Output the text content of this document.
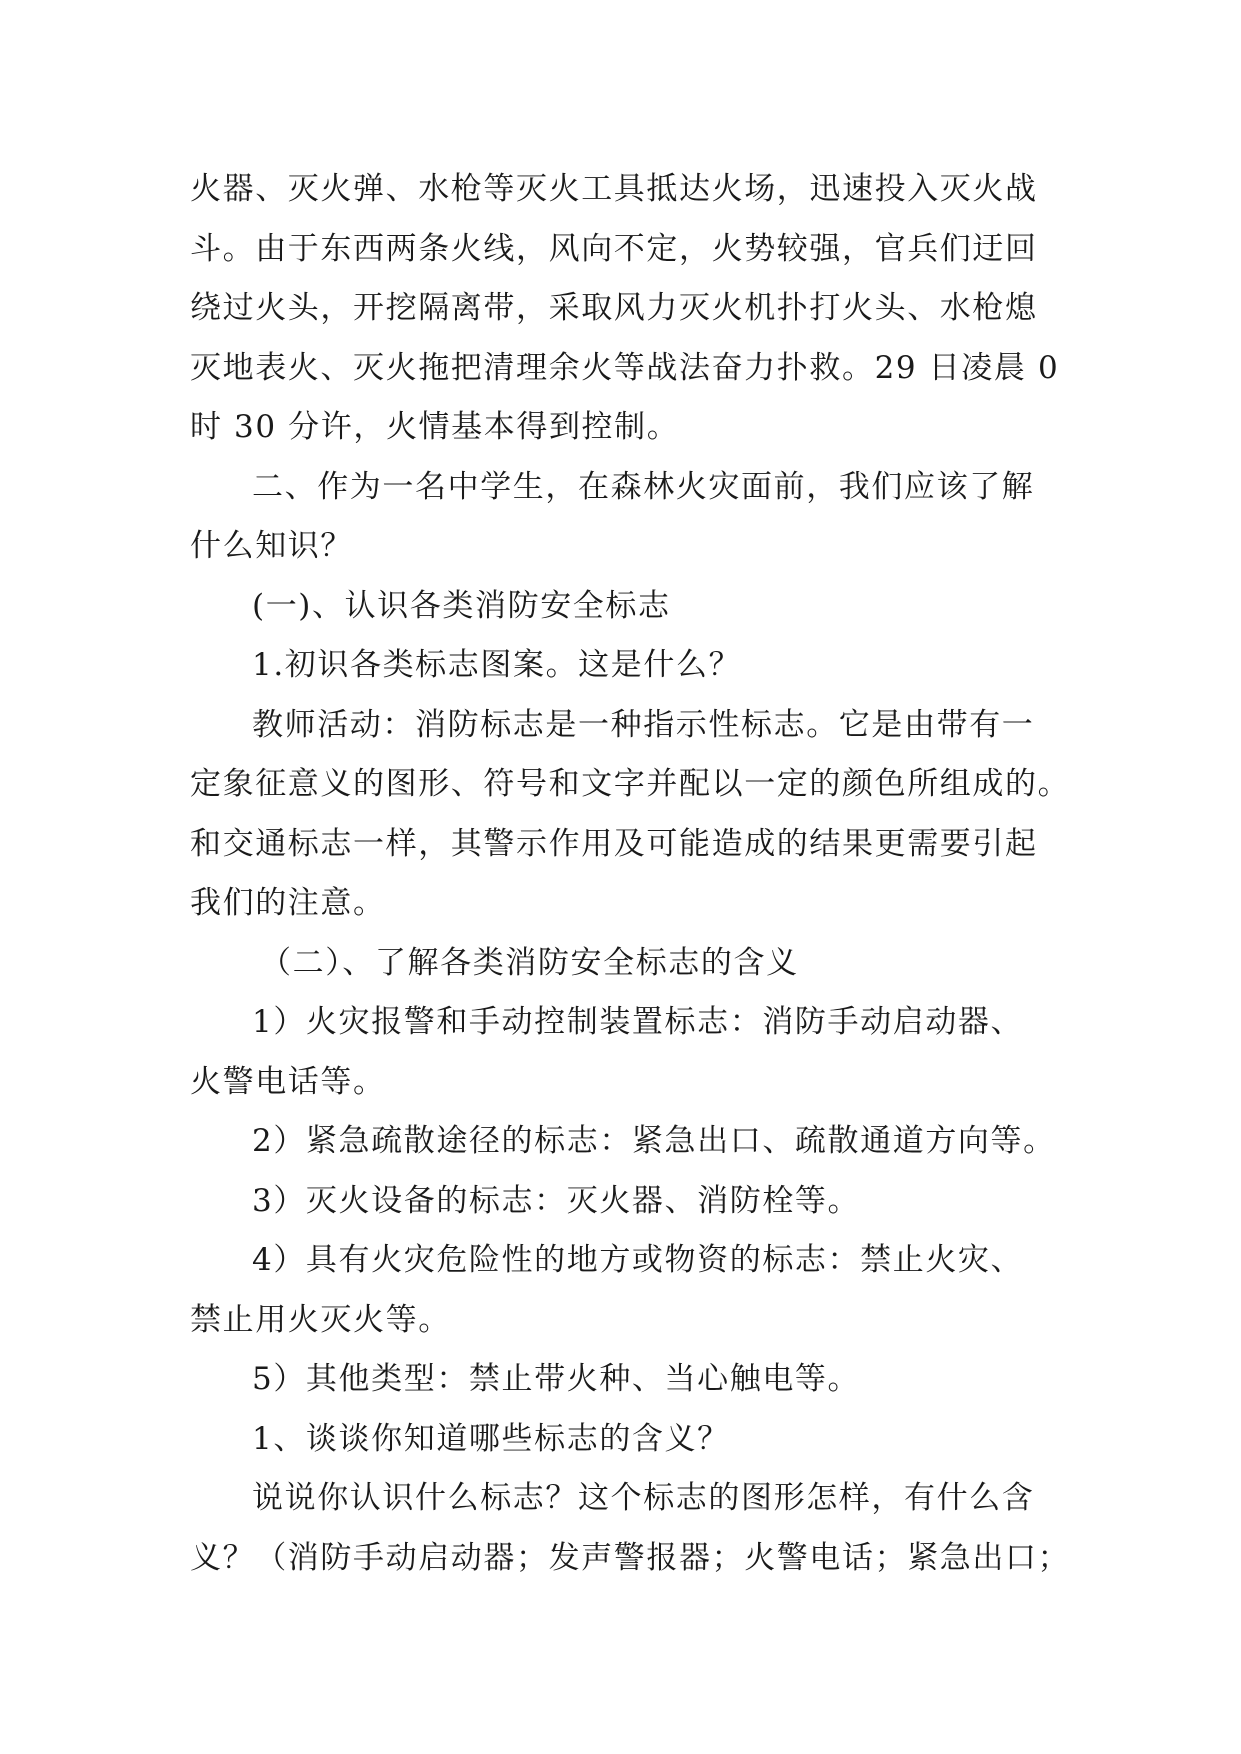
火器、灭火弹、水枪等灭火工具抵达火场，迅速投入灭火战
斗。由于东西两条火线，风向不定，火势较强，官兵们迂回
绕过火头，开挖隔离带，采取风力灭火机扑打火头、水枪熄
灭地表火、灭火拖把清理余火等战法奋力扑救。29 日凌晨 0
时 30 分许，火情基本得到控制。
二、作为一名中学生，在森林火灾面前，我们应该了解
什么知识？
(一)、认识各类消防安全标志
1.初识各类标志图案。这是什么？
教师活动：消防标志是一种指示性标志。它是由带有一
定象征意义的图形、符号和文字并配以一定的颜色所组成的。
和交通标志一样，其警示作用及可能造成的结果更需要引起
我们的注意。
（二）、了解各类消防安全标志的含义
1）火灾报警和手动控制装置标志：消防手动启动器、
火警电话等。
2）紧急疏散途径的标志：紧急出口、疏散通道方向等。
3）灭火设备的标志：灭火器、消防栓等。
4）具有火灾危险性的地方或物资的标志：禁止火灾、
禁止用火灭火等。
5）其他类型：禁止带火种、当心触电等。
1、谈谈你知道哪些标志的含义？
说说你认识什么标志？这个标志的图形怎样，有什么含
义？（消防手动启动器；发声警报器；火警电话；紧急出口；
